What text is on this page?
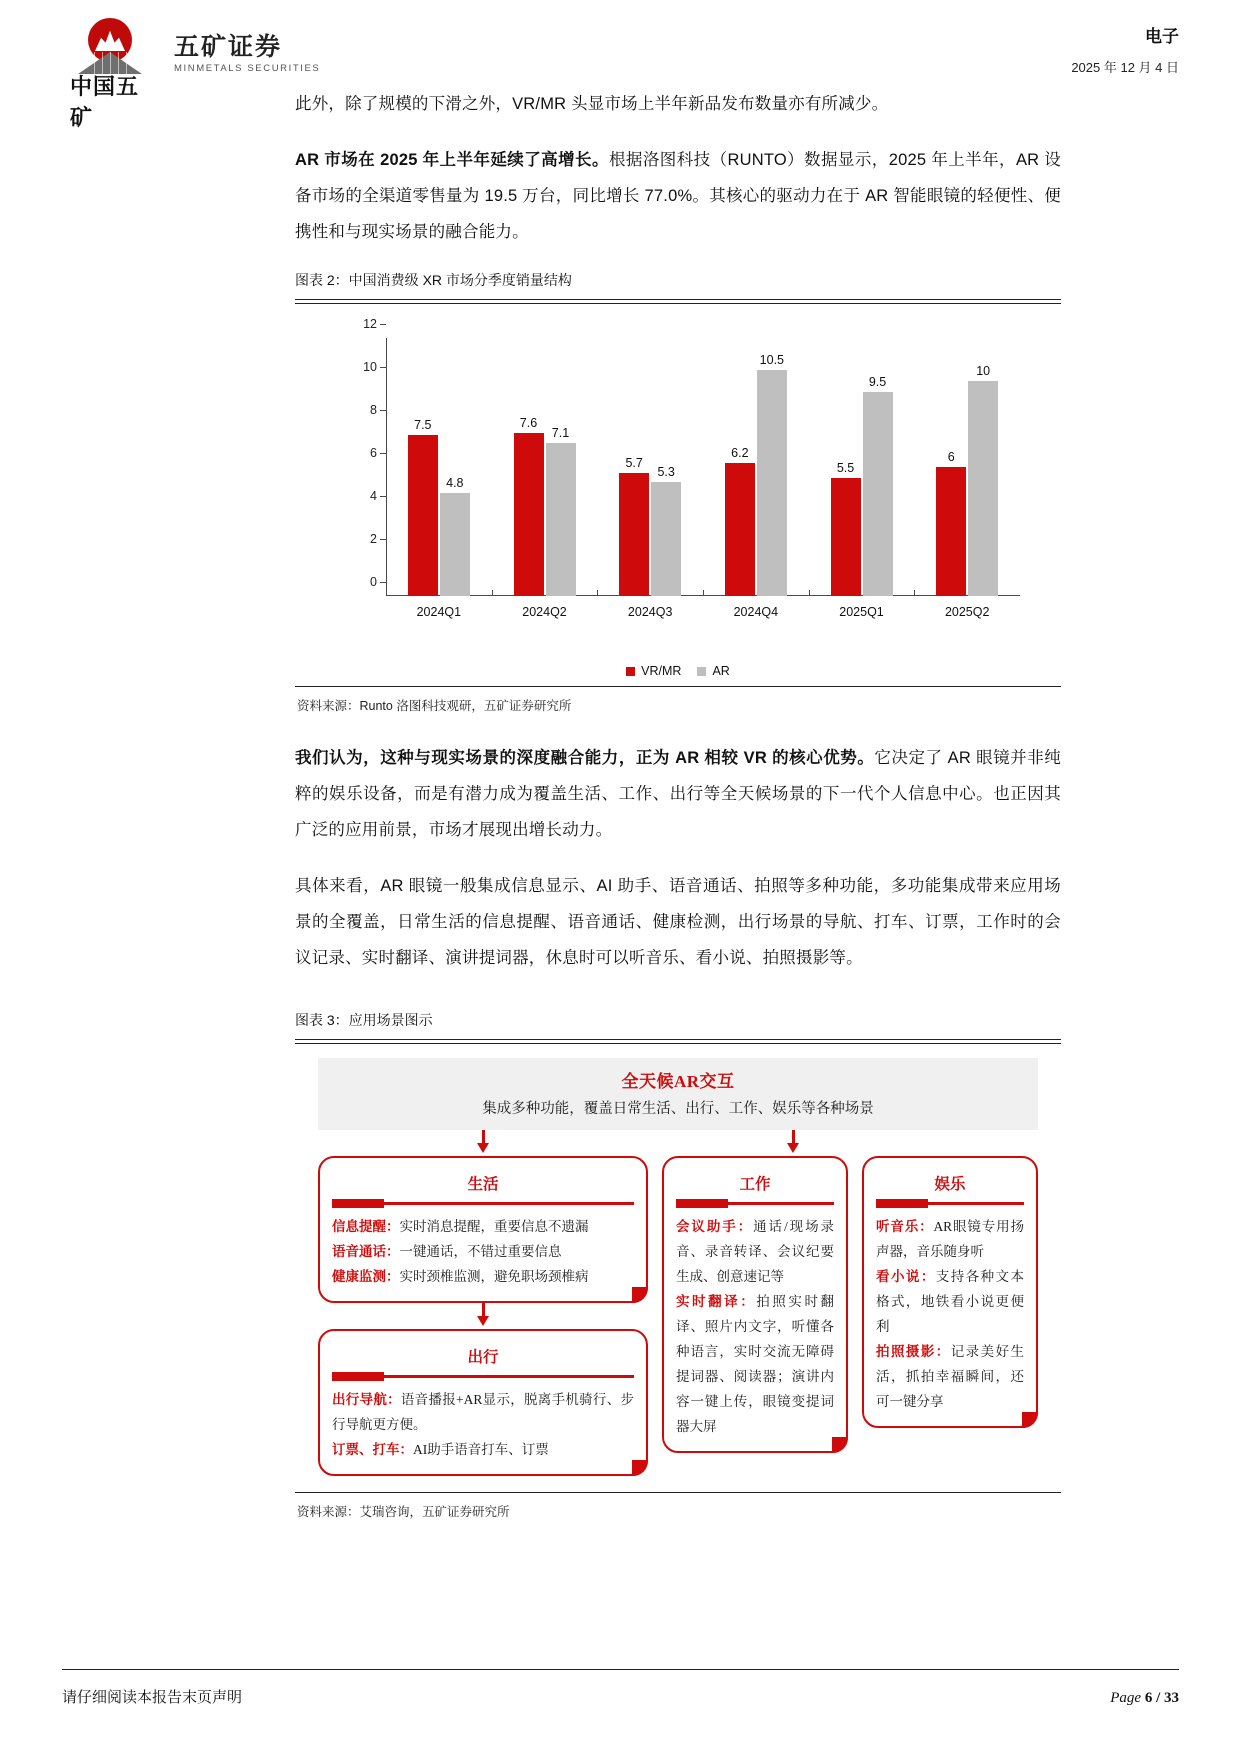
中国五矿
五矿证券
MINMETALS SECURITIES
电子
2025 年 12 月 4 日

此外，除了规模的下滑之外，VR/MR 头显市场上半年新品发布数量亦有所减少。

AR 市场在 2025 年上半年延续了高增长。根据洛图科技（RUNTO）数据显示，2025 年上半年，AR 设备市场的全渠道零售量为 19.5 万台，同比增长 77.0%。其核心的驱动力在于 AR 智能眼镜的轻便性、便携性和与现实场景的融合能力。

图表 2：中国消费级 XR 市场分季度销量结构
0
2
4
6
8
10
12
7.5
4.8
2024Q1
7.6
7.1
2024Q2
5.7
5.3
2024Q3
6.2
10.5
2024Q4
5.5
9.5
2025Q1
6
10
2025Q2
VR/MR AR
资料来源：Runto 洛图科技观研，五矿证券研究所

我们认为，这种与现实场景的深度融合能力，正为 AR 相较 VR 的核心优势。它决定了 AR 眼镜并非纯粹的娱乐设备，而是有潜力成为覆盖生活、工作、出行等全天候场景的下一代个人信息中心。也正因其广泛的应用前景，市场才展现出增长动力。

具体来看，AR 眼镜一般集成信息显示、AI 助手、语音通话、拍照等多种功能，多功能集成带来应用场景的全覆盖，日常生活的信息提醒、语音通话、健康检测，出行场景的导航、打车、订票，工作时的会议记录、实时翻译、演讲提词器，休息时可以听音乐、看小说、拍照摄影等。

图表 3：应用场景图示
全天候AR交互
集成多种功能，覆盖日常生活、出行、工作、娱乐等各种场景
生活
信息提醒：实时消息提醒，重要信息不遗漏
语音通话：一键通话，不错过重要信息
健康监测：实时颈椎监测，避免职场颈椎病
出行
出行导航：语音播报+AR显示，脱离手机骑行、步行导航更方便。
订票、打车：AI助手语音打车、订票
工作
会议助手：通话/现场录音、录音转译、会议纪要生成、创意速记等
实时翻译：拍照实时翻译、照片内文字，听懂各种语言，实时交流无障碍提词器、阅读器；演讲内容一键上传，眼镜变提词器大屏
娱乐
听音乐：AR眼镜专用扬声器，音乐随身听
看小说：支持各种文本格式，地铁看小说更便利
拍照摄影：记录美好生活，抓拍幸福瞬间，还可一键分享
资料来源：艾瑞咨询，五矿证券研究所
请仔细阅读本报告末页声明	Page 6 / 33
